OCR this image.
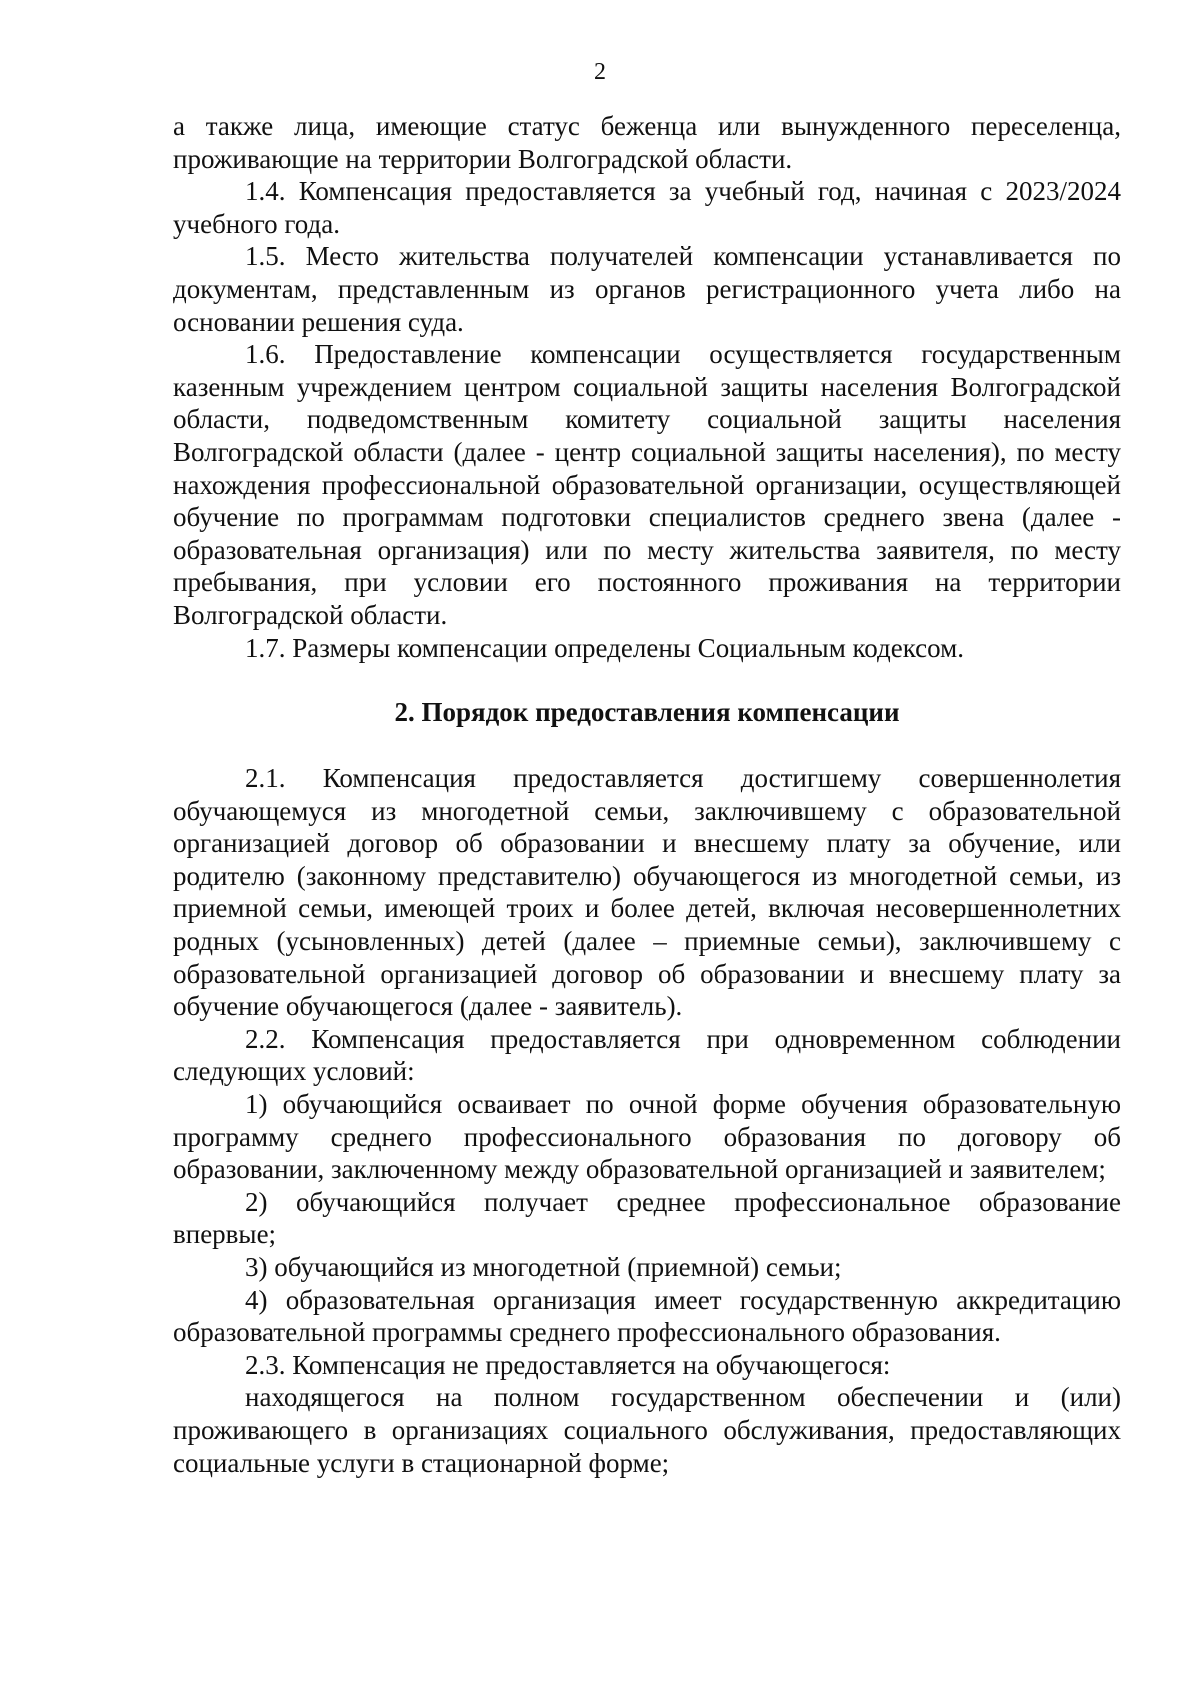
2

а также лица, имеющие статус беженца или вынужденного переселенца, проживающие на территории Волгоградской области.

1.4. Компенсация предоставляется за учебный год, начиная с 2023/2024 учебного года.

1.5. Место жительства получателей компенсации устанавливается по документам, представленным из органов регистрационного учета либо на основании решения суда.

1.6. Предоставление компенсации осуществляется государственным казенным учреждением центром социальной защиты населения Волгоградской области, подведомственным комитету социальной защиты населения Волгоградской области (далее - центр социальной защиты населения), по месту нахождения профессиональной образовательной организации, осуществляющей обучение по программам подготовки специалистов среднего звена (далее - образовательная организация) или по месту жительства заявителя, по месту пребывания, при условии его постоянного проживания на территории Волгоградской области.

1.7. Размеры компенсации определены Социальным кодексом.

2. Порядок предоставления компенсации

2.1. Компенсация предоставляется достигшему совершеннолетия обучающемуся из многодетной семьи, заключившему с образовательной организацией договор об образовании и внесшему плату за обучение, или родителю (законному представителю) обучающегося из многодетной семьи, из приемной семьи, имеющей троих и более детей, включая несовершеннолетних родных (усыновленных) детей (далее – приемные семьи), заключившему с образовательной организацией договор об образовании и внесшему плату за обучение обучающегося (далее - заявитель).

2.2. Компенсация предоставляется при одновременном соблюдении следующих условий:

1) обучающийся осваивает по очной форме обучения образовательную программу среднего профессионального образования по договору об образовании, заключенному между образовательной организацией и заявителем;

2) обучающийся получает среднее профессиональное образование впервые;

3) обучающийся из многодетной (приемной) семьи;

4) образовательная организация имеет государственную аккредитацию образовательной программы среднего профессионального образования.

2.3. Компенсация не предоставляется на обучающегося:

находящегося на полном государственном обеспечении и (или) проживающего в организациях социального обслуживания, предоставляющих социальные услуги в стационарной форме;
